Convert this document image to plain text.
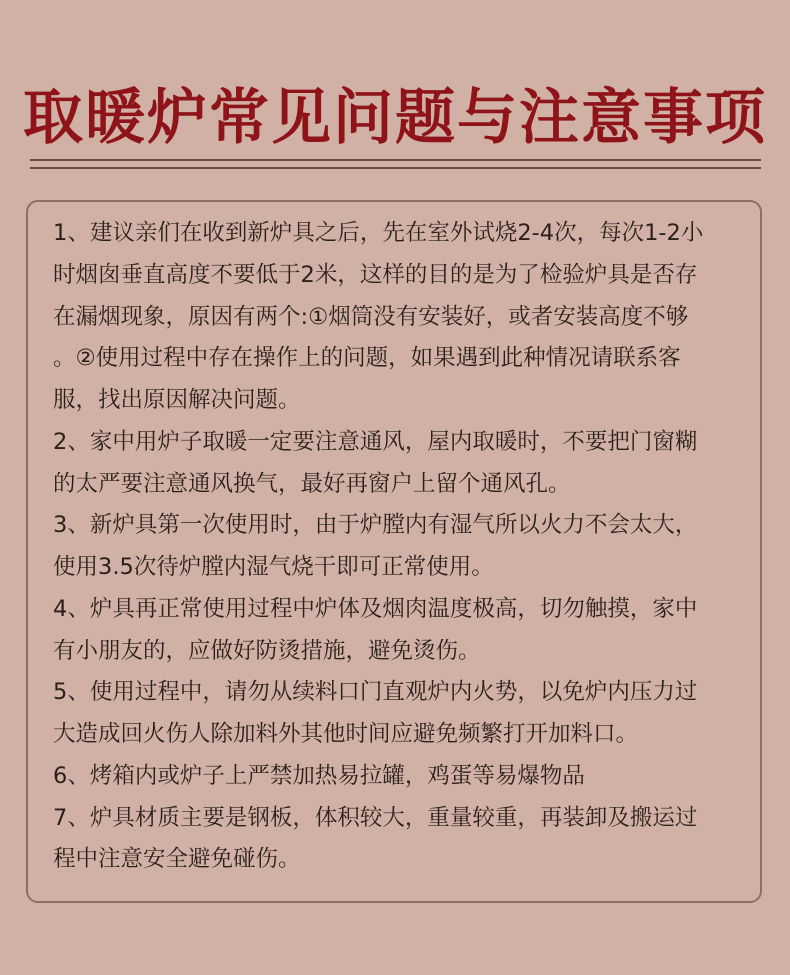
取暖炉常见问题与注意事项
1、建议亲们在收到新炉具之后，先在室外试烧2-4次，每次1-2小
时烟囱垂直高度不要低于2米，这样的目的是为了检验炉具是否存
在漏烟现象，原因有两个:①烟筒没有安装好，或者安装高度不够
。②使用过程中存在操作上的问题，如果遇到此种情况请联系客
服，找出原因解决问题。
2、家中用炉子取暖一定要注意通风，屋内取暖时，不要把门窗糊
的太严要注意通风换气，最好再窗户上留个通风孔。
3、新炉具第一次使用时，由于炉膛内有湿气所以火力不会太大，
使用3.5次待炉膛内湿气烧干即可正常使用。
4、炉具再正常使用过程中炉体及烟肉温度极高，切勿触摸，家中
有小朋友的，应做好防烫措施，避免烫伤。
5、使用过程中，请勿从续料口门直观炉内火势，以免炉内压力过
大造成回火伤人除加料外其他时间应避免频繁打开加料口。
6、烤箱内或炉子上严禁加热易拉罐，鸡蛋等易爆物品
7、炉具材质主要是钢板，体积较大，重量较重，再装卸及搬运过
程中注意安全避免碰伤。
